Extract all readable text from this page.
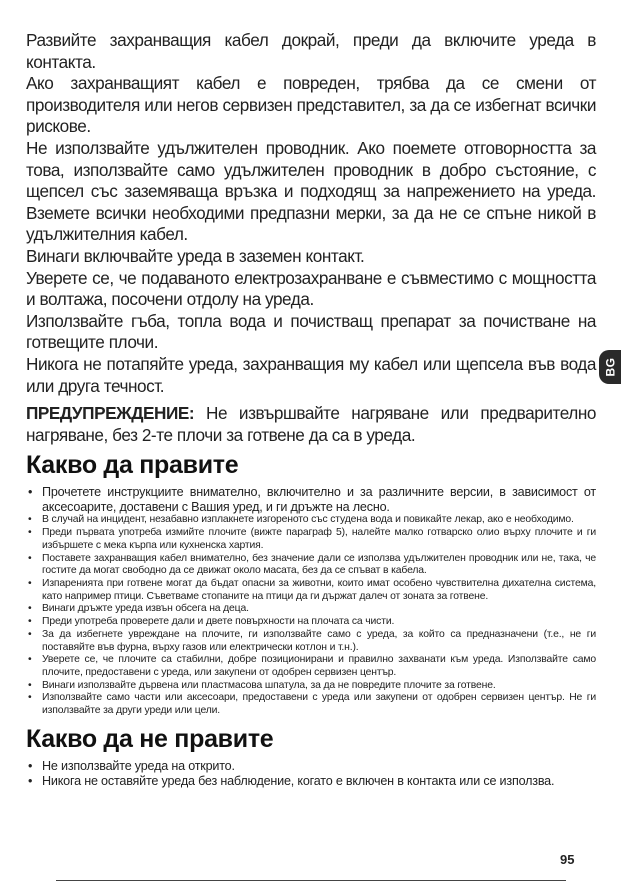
Развийте захранващия кабел докрай, преди да включите уреда в контакта.

Ако захранващият кабел е повреден, трябва да се смени от производителя или негов сервизен представител, за да се избегнат всички рискове.

Не използвайте удължителен проводник. Ако поемете отговорността за това, използвайте само удължителен проводник в добро състояние, с щепсел със заземяваща връзка и подходящ за напрежението на уреда. Вземете всички необходими предпазни мерки, за да не се спъне никой в удължителния кабел.

Винаги включвайте уреда в заземен контакт.

Уверете се, че подаваното електрозахранване е съвместимо с мощността и волтажа, посочени отдолу на уреда.

Използвайте гъба, топла вода и почистващ препарат за почистване на готвещите плочи.

Никога не потапяйте уреда, захранващия му кабел или щепсела във вода или друга течност.

ПРЕДУПРЕЖДЕНИЕ: Не извършвайте нагряване или предварително нагряване, без 2-те плочи за готвене да са в уреда.
Какво да правите
• Прочетете инструкциите внимателно, включително и за различните версии, в зависимост от аксесоарите, доставени с Вашия уред, и ги дръжте на лесно.
• В случай на инцидент, незабавно изплакнете изгореното със студена вода и повикайте лекар, ако е необходимо.
• Преди първата употреба измийте плочите (вижте параграф 5), налейте малко готварско олио върху плочите и ги избършете с мека кърпа или кухненска хартия.
• Поставете захранващия кабел внимателно, без значение дали се използва удължителен проводник или не, така, че гостите да могат свободно да се движат около масата, без да се спъват в кабела.
• Изпаренията при готвене могат да бъдат опасни за животни, които имат особено чувствителна дихателна система, като например птици. Съветваме стопаните на птици да ги държат далеч от зоната за готвене.
• Винаги дръжте уреда извън обсега на деца.
• Преди употреба проверете дали и двете повърхности на плочата са чисти.
• За да избегнете увреждане на плочите, ги използвайте само с уреда, за който са предназначени (т.е., не ги поставяйте във фурна, върху газов или електрически котлон и т.н.).
• Уверете се, че плочите са стабилни, добре позиционирани и правилно захванати към уреда. Използвайте само плочите, предоставени с уреда, или закупени от одобрен сервизен център.
• Винаги използвайте дървена или пластмасова шпатула, за да не повредите плочите за готвене.
• Използвайте само части или аксесоари, предоставени с уреда или закупени от одобрен сервизен център. Не ги използвайте за други уреди или цели.
Какво да не правите
• Не използвайте уреда на открито.
• Никога не оставяйте уреда без наблюдение, когато е включен в контакта или се използва.
BG
95
